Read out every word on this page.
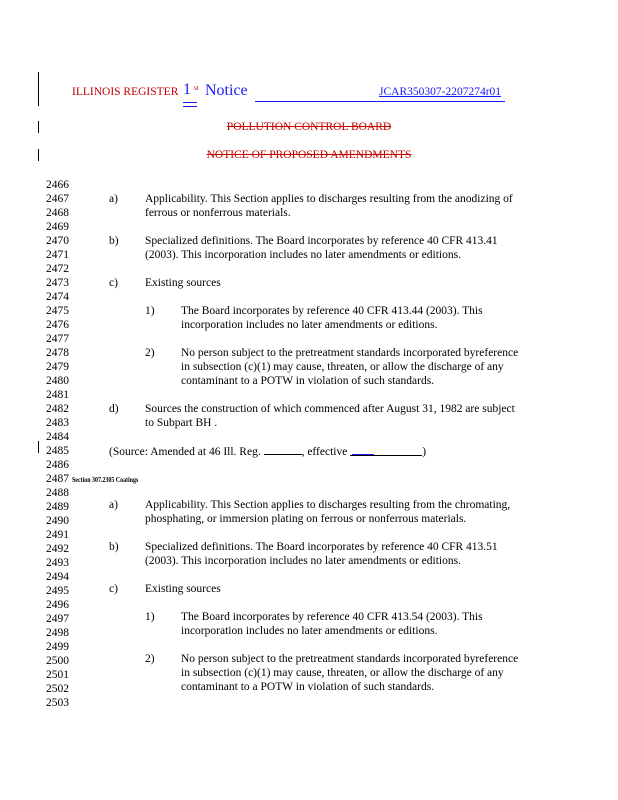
ILLINOIS REGISTER 1 st Notice	JCAR350307-2207274r01
POLLUTION CONTROL BOARD
NOTICE OF PROPOSED AMENDMENTS
2466
2467
2468
2469
2470
2471
2472
2473
2474
2475
2476
2477
2478
2479
2480
2481
2482
2483
2484
2485
2486
2487
2488
2489
2490
2491
2492
2493
2494
2495
2496
2497
2498
2499
2500
2501
2502
2503
a) Applicability. This Section applies to discharges resulting from the anodizing of
ferrous or nonferrous materials.
b) Specialized definitions. The Board incorporates by reference 40 CFR 413.41
(2003). This incorporation includes no later amendments or editions.
c) Existing sources
1) The Board incorporates by reference 40 CFR 413.44 (2003). This
incorporation includes no later amendments or editions.
2) No person subject to the pretreatment standards incorporated byreference
in subsection (c)(1) may cause, threaten, or allow the discharge of any
contaminant to a POTW in violation of such standards.
d) Sources the construction of which commenced after August 31, 1982 are subject
to Subpart BH .
(Source: Amended at 46 Ill. Reg.	, effective	)
Section 307.2305 Coatings
a) Applicability. This Section applies to discharges resulting from the chromating,
phosphating, or immersion plating on ferrous or nonferrous materials.
b) Specialized definitions. The Board incorporates by reference 40 CFR 413.51
(2003). This incorporation includes no later amendments or editions.
c) Existing sources
1) The Board incorporates by reference 40 CFR 413.54 (2003). This
incorporation includes no later amendments or editions.
2) No person subject to the pretreatment standards incorporated byreference
in subsection (c)(1) may cause, threaten, or allow the discharge of any
contaminant to a POTW in violation of such standards.
